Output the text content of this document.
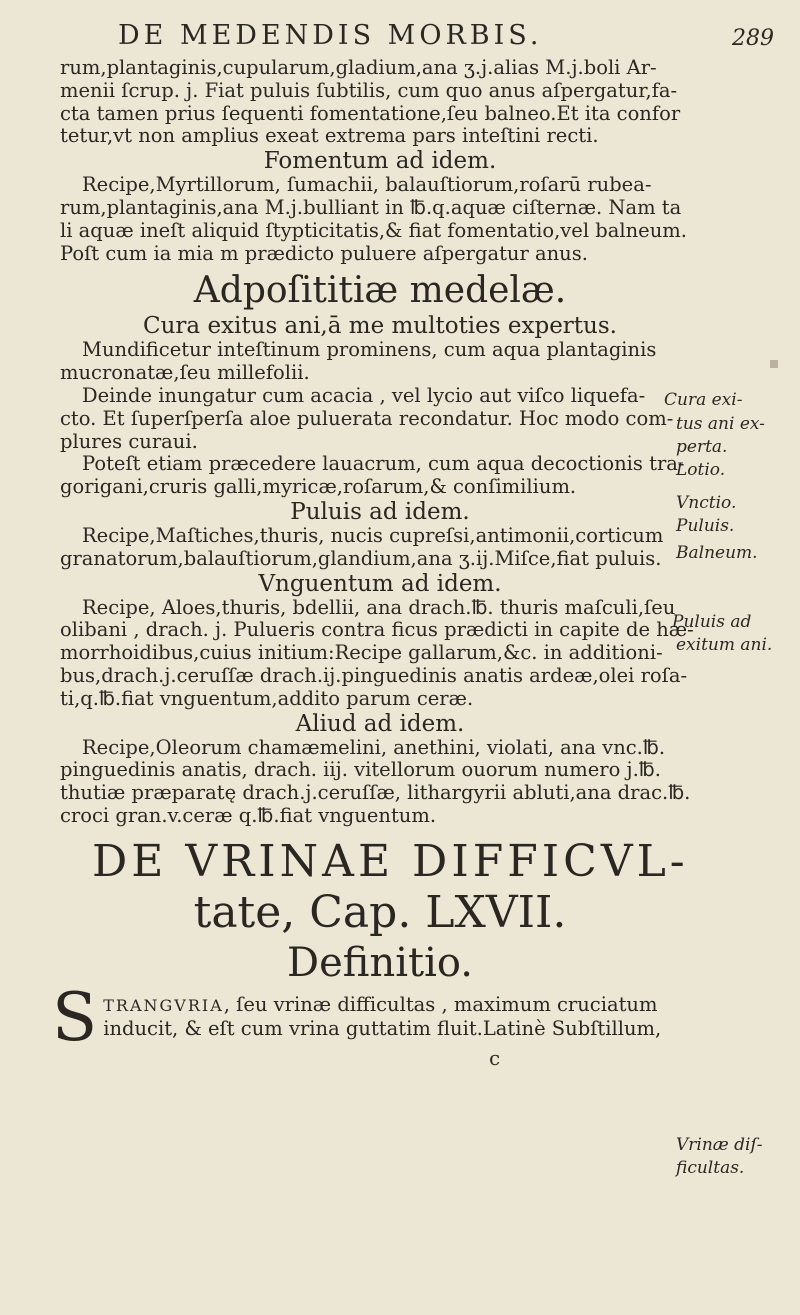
DE MEDENDIS MORBIS.	289
rum,plantaginis,cupularum,gladium,ana ʒ.j.alias M.j.boli Ar-
menii ſcrup. j. Fiat puluis ſubtilis, cum quo anus aſpergatur,fa-
cta tamen prius ſequenti fomentatione,ſeu balneo.Et ita confor
tetur,vt non amplius exeat extrema pars inteſtini recti.
Fomentum ad idem.
Recipe,Myrtillorum, ſumachii, balauſtiorum,roſarū rubea-
rum,plantaginis,ana M.j.bulliant in ℔.q.aquæ ciſternæ. Nam ta
li aquæ ineſt aliquid ſtypticitatis,& fiat fomentatio,vel balneum.
Poſt cum ia mia m prædicto puluere aſpergatur anus.
Adpoſititiæ medelæ.
Cura exitus ani,ā me multoties expertus.
Mundificetur inteſtinum prominens, cum aqua plantaginis
mucronatæ,ſeu millefolii.
Deinde inungatur cum acacia , vel lycio aut viſco liquefa-
cto. Et ſuperſperſa aloe puluerata recondatur. Hoc modo com-
plures curaui.
Poteſt etiam præcedere lauacrum, cum aqua decoctionis tra-
gorigani,cruris galli,myricæ,roſarum,& conſimilium.
Puluis ad idem.
Recipe,Maſtiches,thuris, nucis cupreſsi,antimonii,corticum
granatorum,balauſtiorum,glandium,ana ʒ.ij.Miſce,fiat puluis.
Vnguentum ad idem.
Recipe, Aloes,thuris, bdellii, ana drach.℔. thuris maſculi,ſeu
olibani , drach. j. Pulueris contra ficus prædicti in capite de hæ-
morrhoidibus,cuius initium:Recipe gallarum,&c. in additioni-
bus,drach.j.ceruſſæ drach.ij.pinguedinis anatis ardeæ,olei roſa-
ti,q.℔.fiat vnguentum,addito parum ceræ.
Aliud ad idem.
Recipe,Oleorum chamæmelini, anethini, violati, ana vnc.℔.
pinguedinis anatis, drach. iij. vitellorum ouorum numero j.℔.
thutiæ præparatę drach.j.ceruſſæ, lithargyrii abluti,ana drac.℔.
croci gran.v.ceræ q.℔.fiat vnguentum.
DE VRINAE DIFFICVL-
tate, Cap. LXVII.
Definitio.
S TRANGVRIA, ſeu vrinæ difficultas , maximum cruciatum
inducit, & eſt cum vrina guttatim fluit.Latinè Subſtillum,
c
Cura exi-
tus ani ex-
perta.
Lotio.
Vnctio.
Puluis.
Balneum.
Puluis ad
exitum ani.
Vrinæ diſ-
ficultas.
